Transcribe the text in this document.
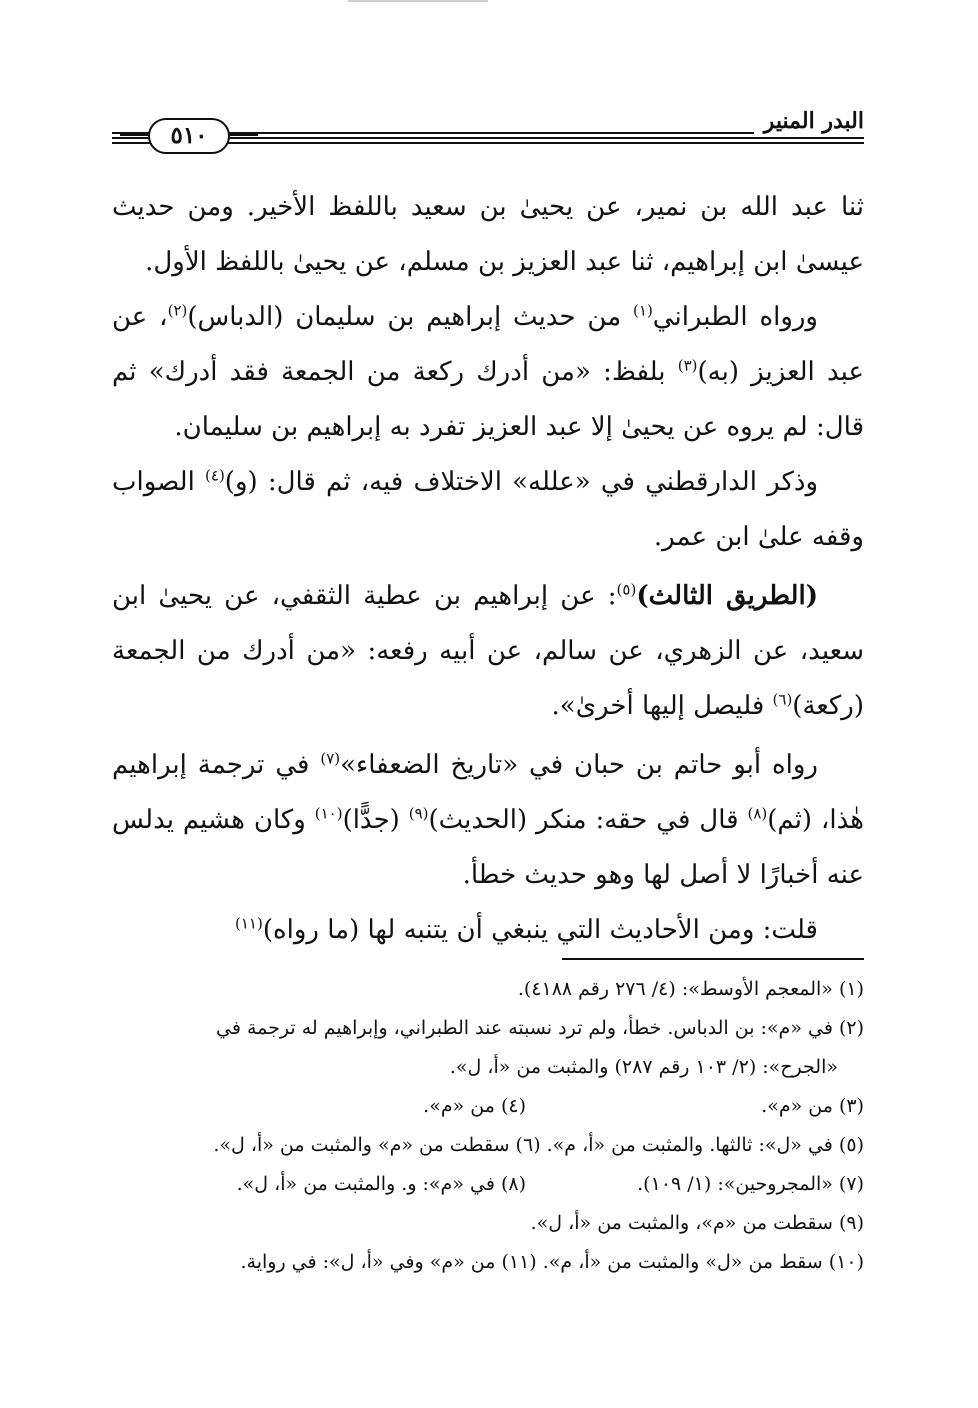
البدر المنير
٥١٠

ثنا عبد الله بن نمير، عن يحيىٰ بن سعيد باللفظ الأخير. ومن حديث عيسىٰ ابن إبراهيم، ثنا عبد العزيز بن مسلم، عن يحيىٰ باللفظ الأول.

ورواه الطبراني$^{(١)}$ من حديث إبراهيم بن سليمان (الدباس)$^{(٢)}$، عن عبد العزيز (به)$^{(٣)}$ بلفظ: «من أدرك ركعة من الجمعة فقد أدرك» ثم قال: لم يروه عن يحيىٰ إلا عبد العزيز تفرد به إبراهيم بن سليمان.

وذكر الدارقطني في «علله» الاختلاف فيه، ثم قال: (و)$^{(٤)}$ الصواب وقفه علىٰ ابن عمر.

(الطريق الثالث)$^{(٥)}$: عن إبراهيم بن عطية الثقفي، عن يحيىٰ ابن سعيد، عن الزهري، عن سالم، عن أبيه رفعه: «من أدرك من الجمعة (ركعة)$^{(٦)}$ فليصل إليها أخرىٰ».

رواه أبو حاتم بن حبان في «تاريخ الضعفاء»$^{(٧)}$ في ترجمة إبراهيم هٰذا، (ثم)$^{(٨)}$ قال في حقه: منكر (الحديث)$^{(٩)}$ (جدًّا)$^{(١٠)}$ وكان هشيم يدلس عنه أخبارًا لا أصل لها وهو حديث خطأ.

قلت: ومن الأحاديث التي ينبغي أن يتنبه لها (ما رواه)$^{(١١)}$

(١) «المعجم الأوسط»: (٤/ ٢٧٦ رقم ٤١٨٨).
(٢) في «م»: بن الدباس. خطأ، ولم ترد نسبته عند الطبراني، وإبراهيم له ترجمة في
«الجرح»: (٢/ ١٠٣ رقم ٢٨٧) والمثبت من «أ، ل».
(٣) من «م».(٤) من «م».
(٥) في «ل»: ثالثها. والمثبت من «أ، م». (٦) سقطت من «م» والمثبت من «أ، ل».
(٧) «المجروحين»: (١/ ١٠٩).(٨) في «م»: و. والمثبت من «أ، ل».
(٩) سقطت من «م»، والمثبت من «أ، ل».
(١٠) سقط من «ل» والمثبت من «أ، م». (١١) من «م» وفي «أ، ل»: في رواية.
